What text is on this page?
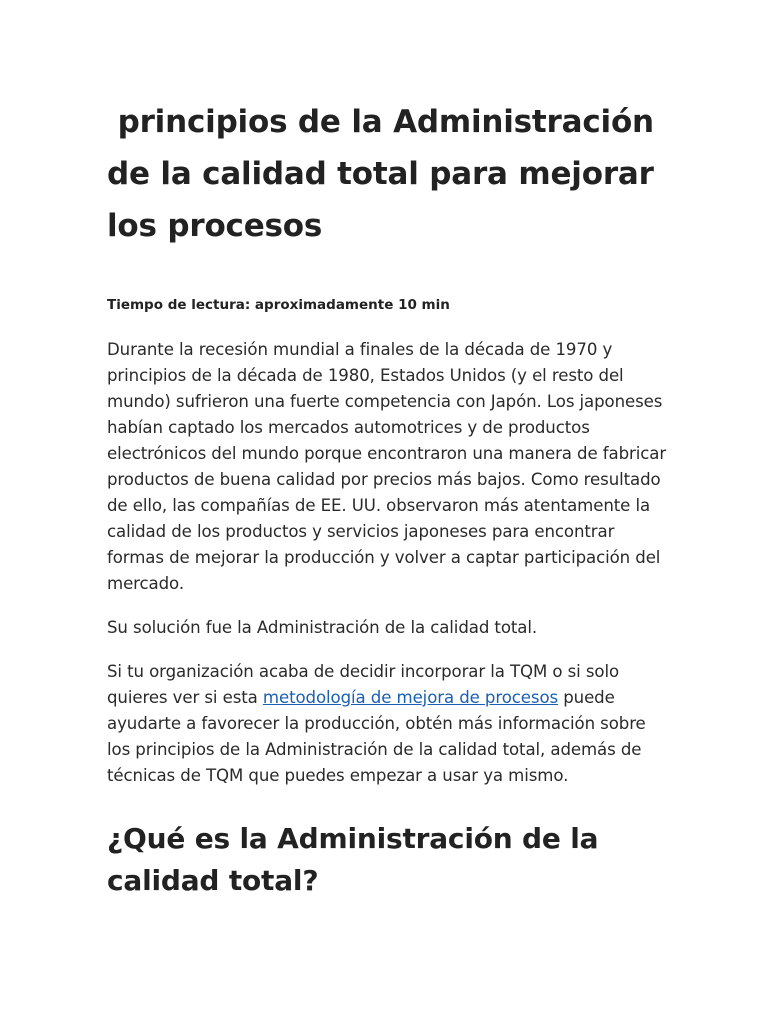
principios de la Administración de la calidad total para mejorar los procesos

Tiempo de lectura: aproximadamente 10 min

Durante la recesión mundial a finales de la década de 1970 y principios de la década de 1980, Estados Unidos (y el resto del mundo) sufrieron una fuerte competencia con Japón. Los japoneses habían captado los mercados automotrices y de productos electrónicos del mundo porque encontraron una manera de fabricar productos de buena calidad por precios más bajos. Como resultado de ello, las compañías de EE. UU. observaron más atentamente la calidad de los productos y servicios japoneses para encontrar formas de mejorar la producción y volver a captar participación del mercado.

Su solución fue la Administración de la calidad total.

Si tu organización acaba de decidir incorporar la TQM o si solo quieres ver si esta metodología de mejora de procesos puede ayudarte a favorecer la producción, obtén más información sobre los principios de la Administración de la calidad total, además de técnicas de TQM que puedes empezar a usar ya mismo.

¿Qué es la Administración de la calidad total?
